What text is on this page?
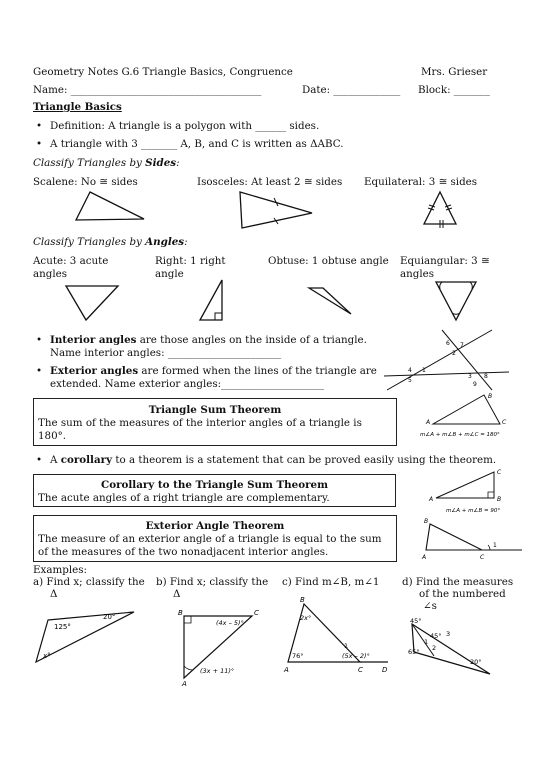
Geometry Notes G.6 Triangle Basics, Congruence	Mrs. Grieser
Name: _____________________________________	Date: _____________ Block: _______
Triangle Basics
• Definition: A triangle is a polygon with ______ sides.
• A triangle with 3 _______ A, B, and C is written as ΔABC.
Classify Triangles by Sides:
Scalene: No ≅ sides	Isosceles: At least 2 ≅ sides Equilateral: 3 ≅ sides
Classify Triangles by Angles:
Acute: 3 acute
angles
Right: 1 right
angle
Obtuse: 1 obtuse angle Equiangular: 3 ≅
angles
• Interior angles are those angles on the inside of a triangle.
Name interior angles: ______________________
• Exterior angles are formed when the lines of the triangle are
extended. Name exterior angles:____________________
6 7
2
4 1
3 8
5
9
Triangle Sum Theorem
The sum of the measures of the interior angles of a triangle is
180°.
B
A	C
m∠A + m∠B + m∠C = 180°
• A corollary to a theorem is a statement that can be proved easily using the theorem.
Corollary to the Triangle Sum Theorem
The acute angles of a right triangle are complementary.
C
A	B
m∠A + m∠B = 90°
Exterior Angle Theorem
The measure of an exterior angle of a triangle is equal to the sum
of the measures of the two nonadjacent interior angles.
B
1
A	C
Examples:
a) Find x; classify the
Δ
b) Find x; classify the
Δ
c) Find m∠B, m∠1 d) Find the measures
of the numbered
∠s
20°
125°
x°
B	C
(4x – 5)°
(3x + 11)°
A
B
2x°
1
76°	(5x – 2)°
A	C	D
45°
45° 3
1
2
65°
20°
